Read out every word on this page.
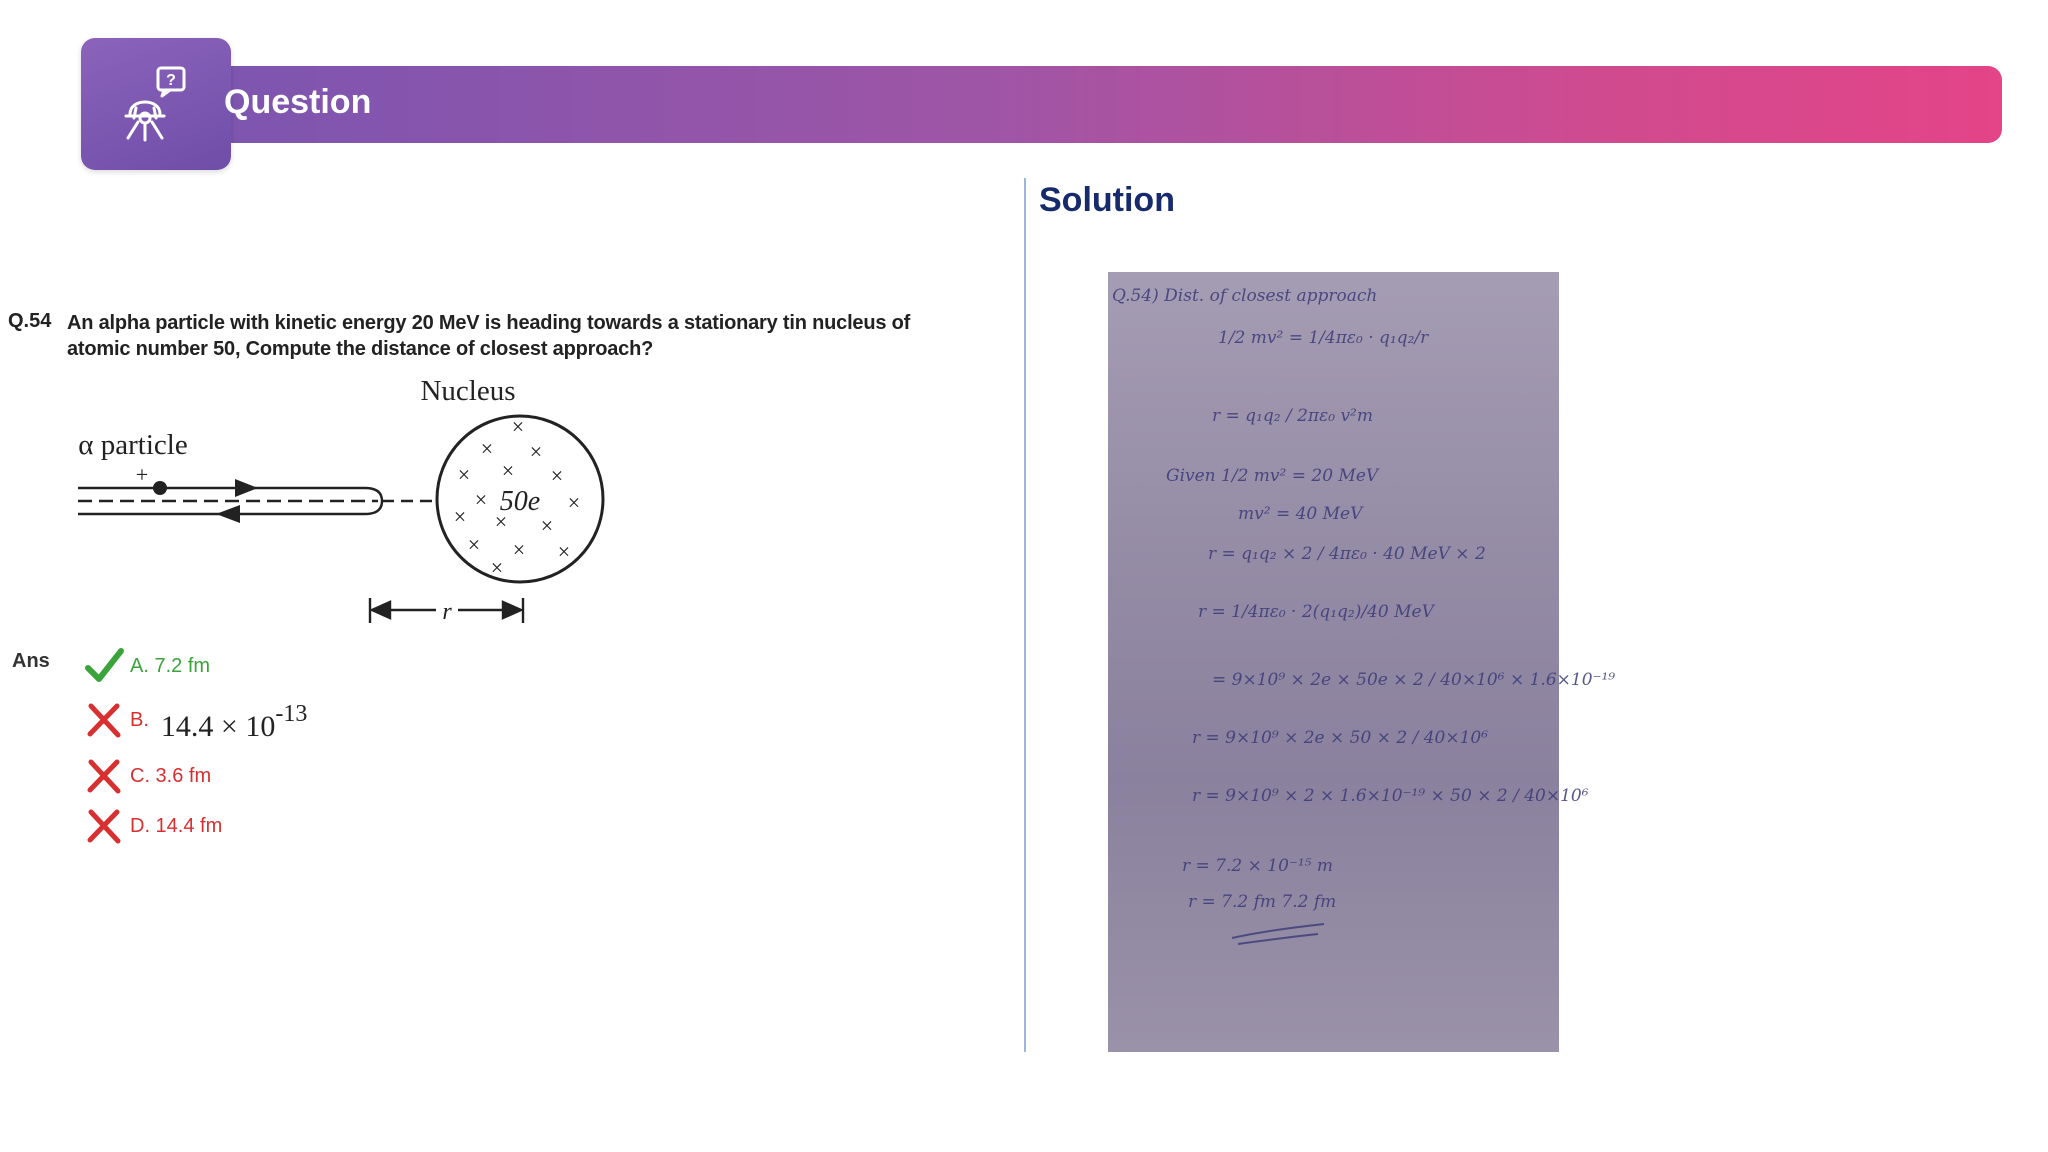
?
Question
Solution
Q.54 An alpha particle with kinetic energy 20 MeV is heading towards a stationary tin nucleus of atomic number 50, Compute the distance of closest approach?
Nucleus
α particle
+
×
× ×
× ×
×
×	×
× ×
×
× × ×
×
50e
r
Ans	A. 7.2 fm
B. $14.4 \times 10^{-13}$
C. 3.6 fm
D. 14.4 fm
Q.54) Dist. of closest approach
1/2 mv² = 1/4πε₀ · q₁q₂/r
r = q₁q₂ / 2πε₀ v²m
Given 1/2 mv² = 20 MeV
mv² = 40 MeV
r = q₁q₂ × 2 / 4πε₀ · 40 MeV × 2
r = 1/4πε₀ · 2(q₁q₂)/40 MeV
= 9×10⁹ × 2e × 50e × 2 / 40×10⁶ × 1.6×10⁻¹⁹
r = 9×10⁹ × 2e × 50 × 2 / 40×10⁶
r = 9×10⁹ × 2 × 1.6×10⁻¹⁹ × 50 × 2 / 40×10⁶
r = 7.2 × 10⁻¹⁵ m
r = 7.2 fm 7.2 fm
